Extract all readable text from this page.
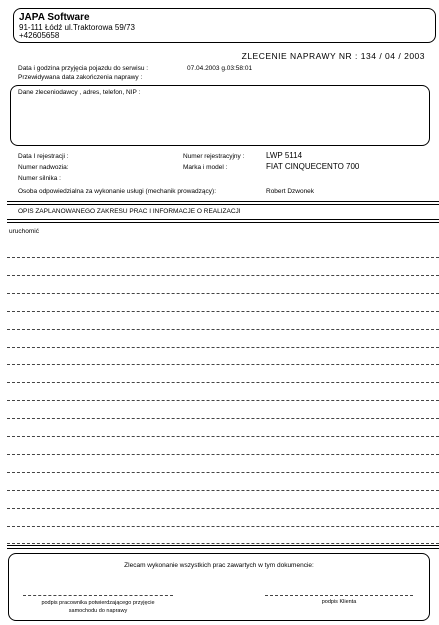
JAPA Software
91-111 Łódź ul.Traktorowa 59/73
+42605658
ZLECENIE NAPRAWY NR : 134 / 04 / 2003
Data i godzina przyjęcia pojazdu do serwisu :	07.04.2003 g.03:58:01
Przewidywana data zakończenia naprawy :
Dane zleceniodawcy , adres, telefon, NIP :
Data I rejestracji :	Numer rejestracyjny :	LWP 5114
Numer nadwozia:	Marka i model :	FIAT CINQUECENTO 700
Numer silnika :
Osoba odpowiedzialna za wykonanie usługi (mechanik prowadzący):	Robert Dzwonek
OPIS ZAPLANOWANEGO ZAKRESU PRAC I INFORMACJE O REALIZACJI
uruchomić
Zlecam wykonanie wszystkich prac zawartych w tym dokumencie:
podpis pracownika potwierdzającego przyjęcie
samochodu do naprawy
podpis Klienta
